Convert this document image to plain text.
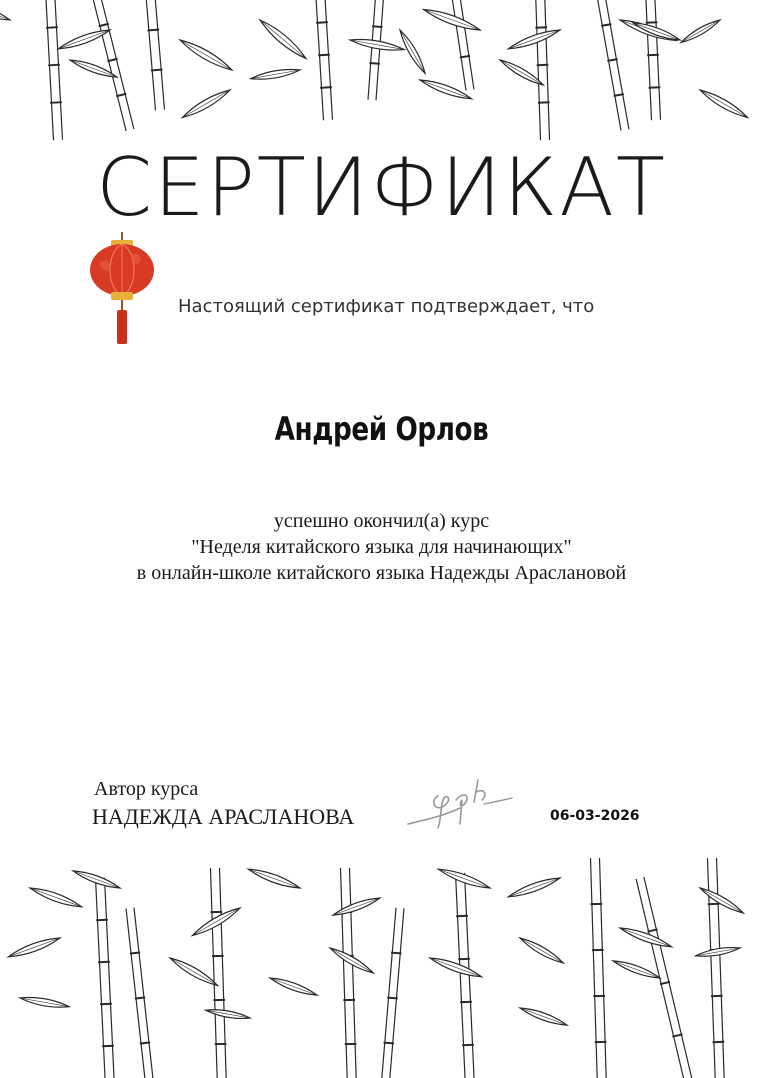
СЕРТИФИКАТ
Настоящий сертификат подтверждает, что
Андрей Орлов
успешно окончил(а) курс
"Неделя китайского языка для начинающих"
в онлайн-школе китайского языка Надежды Араслановой
Автор курса
НАДЕЖДА АРАСЛАНОВА	06-03-2026
